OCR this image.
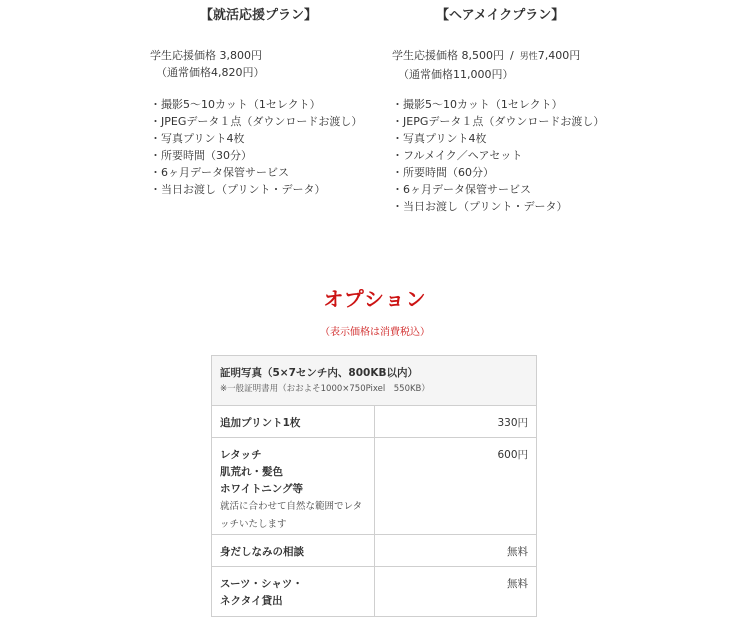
【就活応援プラン】
学生応援価格 3,800円
（通常価格4,820円）
・撮影5〜10カット（1セレクト）
・JPEGデータ１点（ダウンロードお渡し）
・写真プリント4枚
・所要時間（30分）
・6ヶ月データ保管サービス
・当日お渡し（プリント・データ）
【ヘアメイクプラン】
学生応援価格 8,500円 / 男性7,400円
（通常価格11,000円）
・撮影5〜10カット（1セレクト）
・JEPGデータ１点（ダウンロードお渡し）
・写真プリント4枚
・フルメイク／ヘアセット
・所要時間（60分）
・6ヶ月データ保管サービス
・当日お渡し（プリント・データ）
オプション
（表示価格は消費税込）
証明写真（5×7センチ内、800KB以内）
※一般証明書用（おおよそ1000×750Pixel　550KB）	

追加プリント1枚	330円

レタッチ
肌荒れ・髪色
ホワイトニング等
就活に合わせて自然な範囲でレタッチいたします	600円

身だしなみの相談	無料

スーツ・シャツ・
ネクタイ貸出	無料
